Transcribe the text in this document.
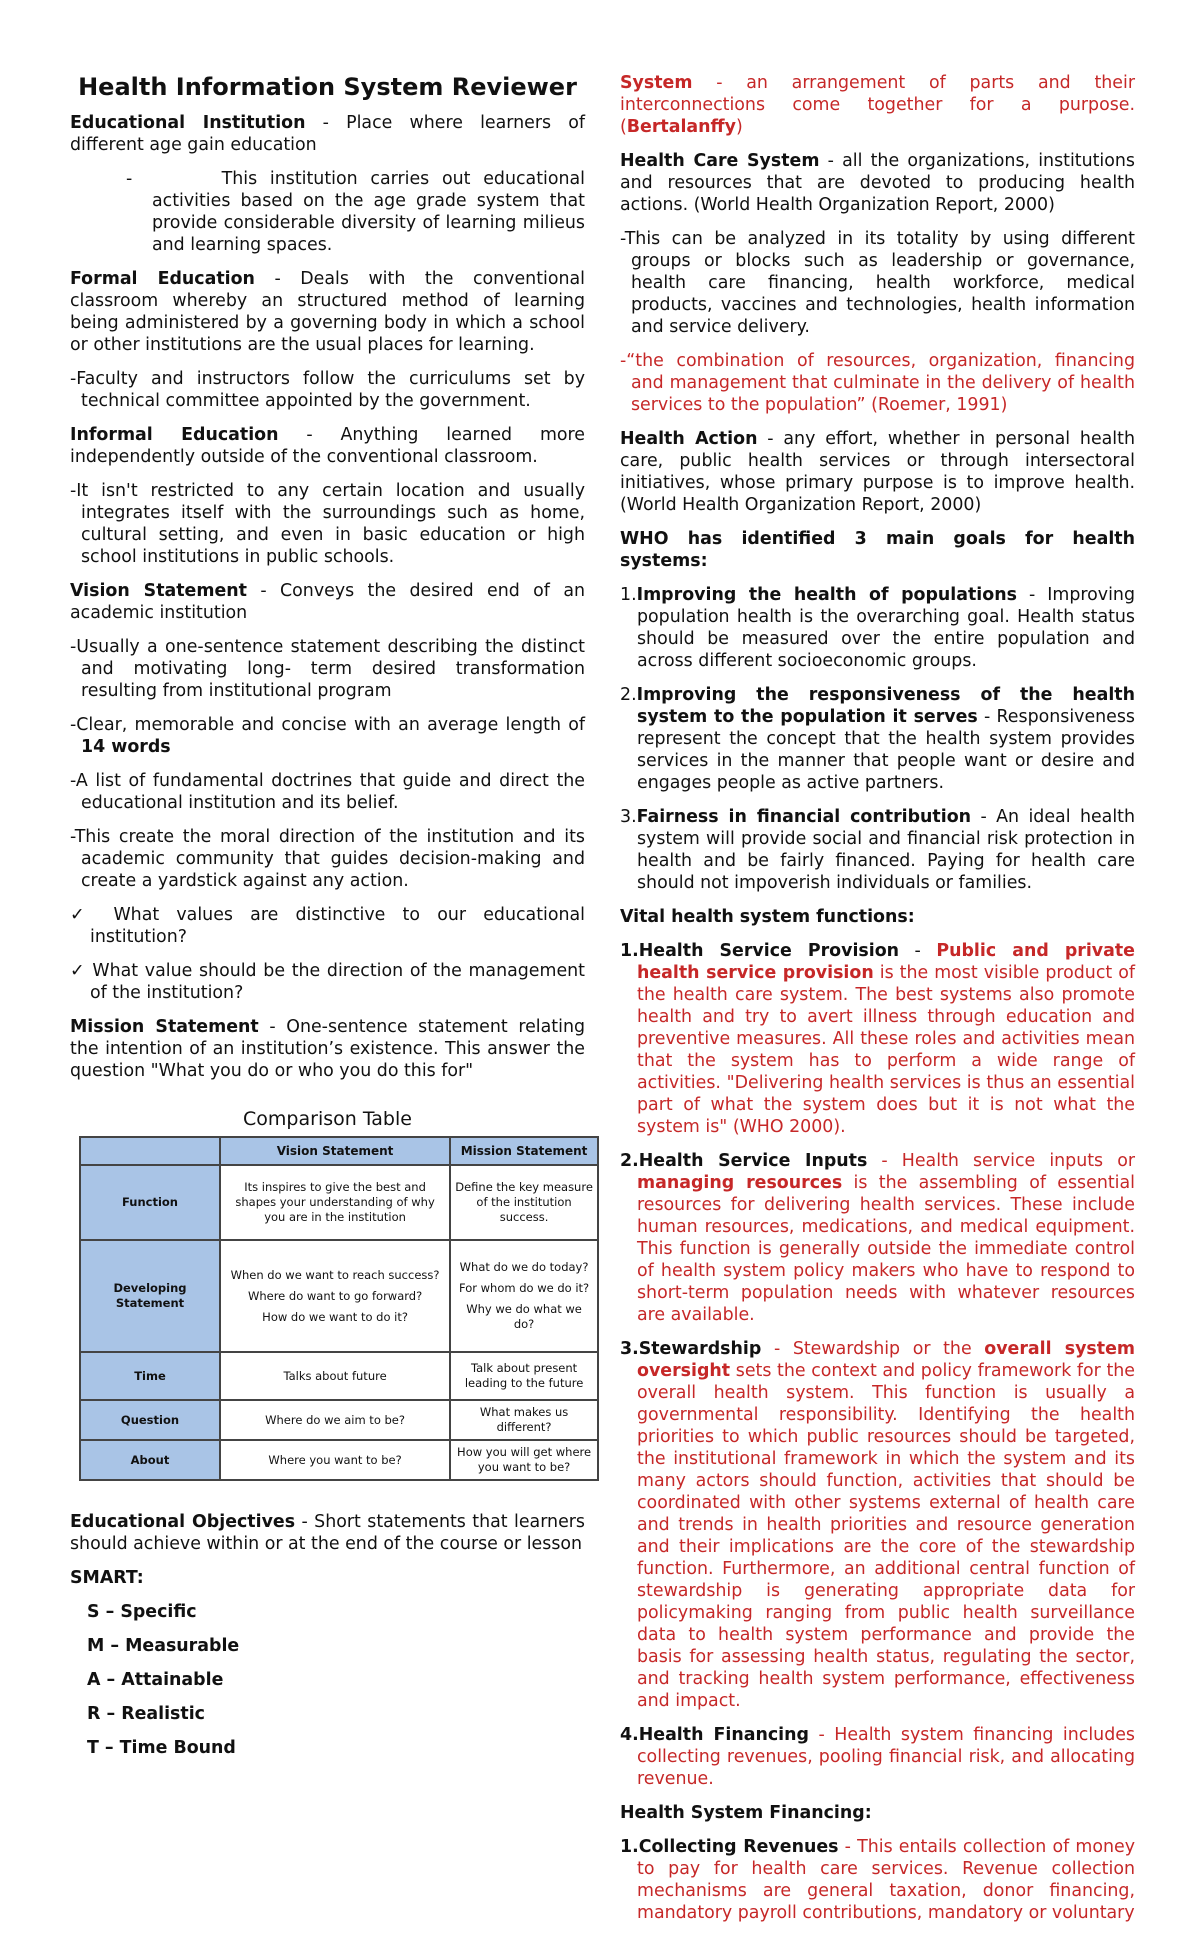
Health Information System Reviewer

Educational Institution - Place where learners of different age gain education

-	This institution carries out educational activities based on the age grade system that provide considerable diversity of learning milieus and learning spaces.

Formal Education - Deals with the conventional classroom whereby an structured method of learning being administered by a governing body in which a school or other institutions are the usual places for learning.

-Faculty and instructors follow the curriculums set by technical committee appointed by the government.

Informal Education - Anything learned more independently outside of the conventional classroom.

-It isn't restricted to any certain location and usually integrates itself with the surroundings such as home, cultural setting, and even in basic education or high school institutions in public schools.

Vision Statement - Conveys the desired end of an academic institution

-Usually a one-sentence statement describing the distinct and motivating long- term desired transformation resulting from institutional program

-Clear, memorable and concise with an average length of 14 words

-A list of fundamental doctrines that guide and direct the educational institution and its belief.

-This create the moral direction of the institution and its academic community that guides decision-making and create a yardstick against any action.

✓ What values are distinctive to our educational institution?

✓ What value should be the direction of the management of the institution?

Mission Statement - One-sentence statement relating the intention of an institution’s existence. This answer the question "What you do or who you do this for"

Comparison Table
	Vision Statement	Mission Statement
Function	Its inspires to give the best and shapes your understanding of why you are in the institution	Define the key measure of the institution success.
Developing Statement	When do we want to reach success?
Where do want to go forward?
How do we want to do it?	What do we do today?
For whom do we do it?
Why we do what we do?

Time	Talks about future	Talk about present leading to the future
Question	Where do we aim to be?	What makes us different?
About	Where you want to be?	How you will get where you want to be?

Educational Objectives - Short statements that learners should achieve within or at the end of the course or lesson

SMART:

S – Specific

M – Measurable

A – Attainable

R – Realistic

T – Time Bound

System - an arrangement of parts and their interconnections come together for a purpose. (Bertalanffy)

Health Care System - all the organizations, institutions and resources that are devoted to producing health actions. (World Health Organization Report, 2000)

-This can be analyzed in its totality by using different groups or blocks such as leadership or governance, health care financing, health workforce, medical products, vaccines and technologies, health information and service delivery.

-“the combination of resources, organization, financing and management that culminate in the delivery of health services to the population” (Roemer, 1991)

Health Action - any effort, whether in personal health care, public health services or through intersectoral initiatives, whose primary purpose is to improve health. (World Health Organization Report, 2000)

WHO has identified 3 main goals for health systems:

1.Improving the health of populations - Improving population health is the overarching goal. Health status should be measured over the entire population and across different socioeconomic groups.

2.Improving the responsiveness of the health system to the population it serves - Responsiveness represent the concept that the health system provides services in the manner that people want or desire and engages people as active partners.

3.Fairness in financial contribution - An ideal health system will provide social and financial risk protection in health and be fairly financed. Paying for health care should not impoverish individuals or families.

Vital health system functions:

1.Health Service Provision - Public and private health service provision is the most visible product of the health care system. The best systems also promote health and try to avert illness through education and preventive measures. All these roles and activities mean that the system has to perform a wide range of activities. "Delivering health services is thus an essential part of what the system does but it is not what the system is" (WHO 2000).

2.Health Service Inputs - Health service inputs or managing resources is the assembling of essential resources for delivering health services. These include human resources, medications, and medical equipment. This function is generally outside the immediate control of health system policy makers who have to respond to short-term population needs with whatever resources are available.

3.Stewardship - Stewardship or the overall system oversight sets the context and policy framework for the overall health system. This function is usually a governmental responsibility. Identifying the health priorities to which public resources should be targeted, the institutional framework in which the system and its many actors should function, activities that should be coordinated with other systems external of health care and trends in health priorities and resource generation and their implications are the core of the stewardship function. Furthermore, an additional central function of stewardship is generating appropriate data for policymaking ranging from public health surveillance data to health system performance and provide the basis for assessing health status, regulating the sector, and tracking health system performance, effectiveness and impact.

4.Health Financing - Health system financing includes collecting revenues, pooling financial risk, and allocating revenue.

Health System Financing:

1.Collecting Revenues - This entails collection of money to pay for health care services. Revenue collection mechanisms are general taxation, donor financing, mandatory payroll contributions, mandatory or voluntary
